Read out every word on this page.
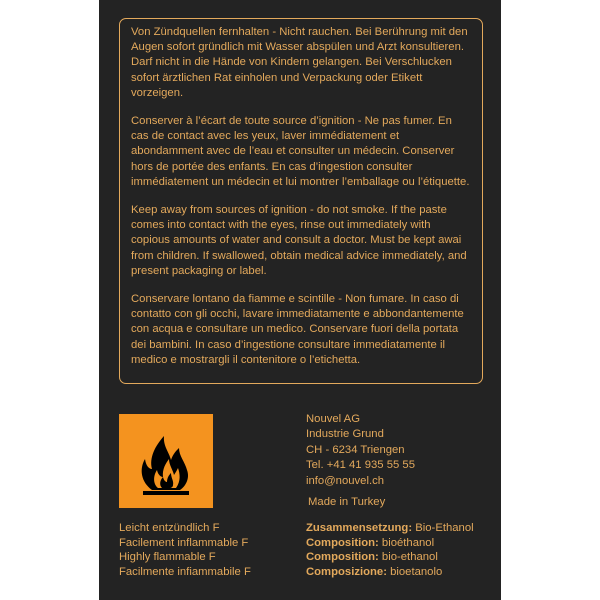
Von Zündquellen fernhalten - Nicht rauchen. Bei Berührung mit den Augen sofort gründlich mit Wasser abspülen und Arzt konsultieren. Darf nicht in die Hände von Kindern gelangen. Bei Verschlucken sofort ärztlichen Rat einholen und Verpackung oder Etikett vorzeigen.

Conserver à l’écart de toute source d’ignition - Ne pas fumer. En cas de contact avec les yeux, laver immédiatement et abondamment avec de l’eau et consulter un médecin. Conserver hors de portée des enfants. En cas d’ingestion consulter immédiatement un médecin et lui montrer l’emballage ou l’étiquette.

Keep away from sources of ignition - do not smoke. If the paste comes into contact with the eyes, rinse out immediately with copious amounts of water and consult a doctor. Must be kept awai from children. If swallowed, obtain medical advice immediately, and present packaging or label.

Conservare lontano da fiamme e scintille - Non fumare. In caso di contatto con gli occhi, lavare immediatamente e abbondantemente con acqua e consultare un medico. Conservare fuori della portata dei bambini. In caso d’ingestione consultare immediatamente il medico e mostrargli il contenitore o l’etichetta.

Nouvel AG
Industrie Grund
CH - 6234 Triengen
Tel. +41 41 935 55 55
info@nouvel.ch
Made in Turkey
Leicht entzündlich F
Facilement inflammable F
Highly flammable F
Facilmente infiammabile F
Zusammensetzung: Bio-Ethanol
Composition: bioéthanol
Composition: bio-ethanol
Composizione: bioetanolo
